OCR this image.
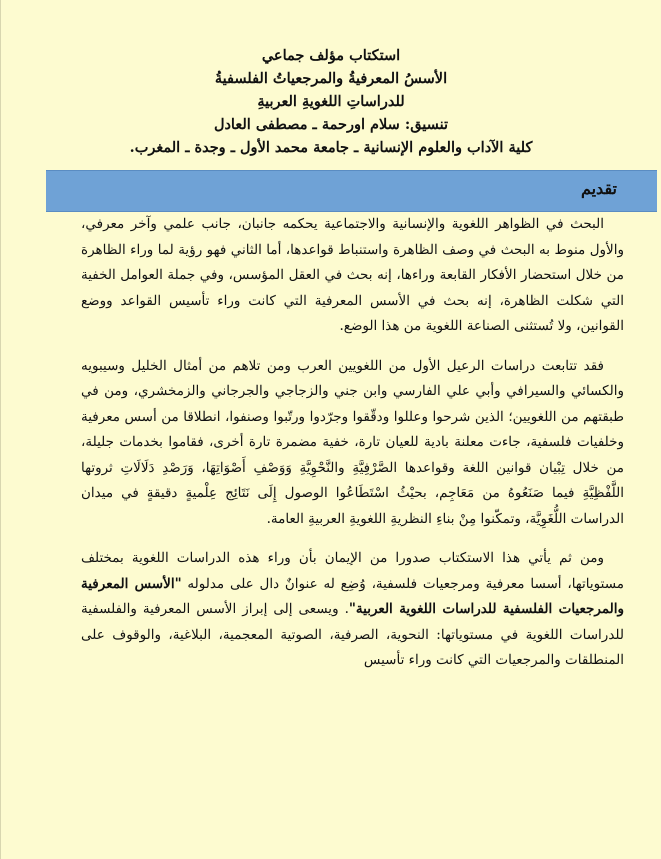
استكتاب مؤلف جماعي
الأسسُ المعرفيةُ والمرجعياتُ الفلسفيةُ
للدراساتِ اللغويةِ العربيةِ
تنسيق: سلام اورحمة ـ مصطفى العادل
كلية الآداب والعلوم الإنسانية ـ جامعة محمد الأول ـ وجدة ـ المغرب.
تقديم

البحث في الظواهر اللغوية والإنسانية والاجتماعية يحكمه جانبان، جانب علمي وآخر معرفي، والأول منوط به البحث في وصف الظاهرة واستنباط قواعدها، أما الثاني فهو رؤية لما وراء الظاهرة من خلال استحضار الأفكار القابعة وراءها، إنه بحث في العقل المؤسس، وفي جملة العوامل الخفية التي شكلت الظاهرة، إنه بحث في الأسس المعرفية التي كانت وراء تأسيس القواعد ووضع القوانين، ولا تُستثنى الصناعة اللغوية من هذا الوضع.

فقد تتابعت دراسات الرعيل الأول من اللغويين العرب ومن تلاهم من أمثال الخليل وسيبويه والكسائي والسيرافي وأبي علي الفارسي وابن جني والزجاجي والجرجاني والزمخشري، ومن في طبقتهم من اللغويين؛ الذين شرحوا وعللوا ودقّقوا وجرّدوا ورتّبوا وصنفوا، انطلاقا من أسس معرفية وخلفيات فلسفية، جاءت معلنة بادية للعيان تارة، خفية مضمرة تارة أخرى، فقاموا بخدمات جليلة، من خلال تِبْيان قوانين اللغة وقواعدها الصَّرْفِيَّةِ والنَّحْوِيَّةِ وَوَصْفِ أَصْوَاتِهَا، وَرَصْدِ دَلَالَاتِ ثروتها اللَّفْظِيَّةِ فيما صَنَعُوهُ من مَعَاجِم، بحيْثُ اسْتَطَاعُوا الوصول إِلَى نَتَائِج عِلْميةٍ دقيقةٍ في ميدان الدراسات اللُّغَوِيَّة، وتمكّنوا مِنْ بناءِ النظريةِ اللغويةِ العربيةِ العامة.

ومن ثم يأتي هذا الاستكتاب صدورا من الإيمان بأن وراء هذه الدراسات اللغوية بمختلف مستوياتها، أسسا معرفية ومرجعيات فلسفية، وُضِع له عنوانٌ دال على مدلوله "الأسس المعرفية والمرجعيات الفلسفية للدراسات اللغوية العربية". ويسعى إلى إبراز الأسس المعرفية والفلسفية للدراسات اللغوية في مستوياتها: النحوية، الصرفية، الصوتية المعجمية، البلاغية، والوقوف على المنطلقات والمرجعيات التي كانت وراء تأسيس
